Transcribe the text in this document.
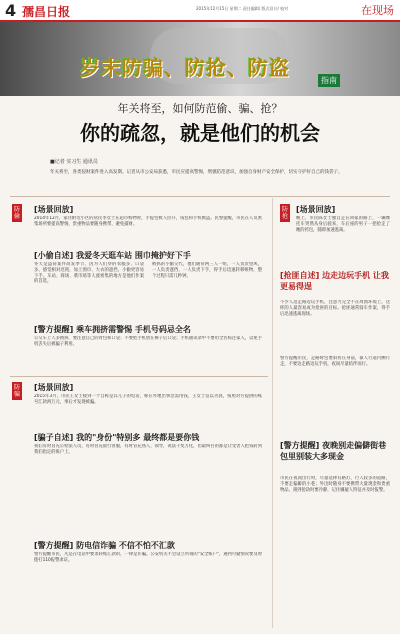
4 孺昌日报	2015年12月15日 星期二 责任编辑/ 版式设计/ 校对	在现场
岁末防骗、防抢、防盗
指南
年关将至，如何防范偷、骗、抢？
你的疏忽，就是他们的机会
■记者 实习生 通讯员
年关将至，各类侵财案件进入高发期。记者从市公安局获悉，市民应提高警惕，增强防范意识，加强自身财产安全保护，切实守护好自己的钱袋子。
防偷
[场景回放]
2014年12月，家住附近小区的居民李女士在超市购物时，手提包被人拉开，钱包和手机被盗。民警提醒，市民在人员密集场所要提高警惕，贵重物品要随身携带，避免露财。
[小偷自述] 我爱冬天逛车站 围巾掩护好下手
冬天是盗窃案件高发季节，因为人们穿的衣服多，口袋多，感觉相对迟钝，加上围巾、大衣的遮挡，小偷更容易下手。车站、商场、菜市场等人流密集的地方是他们作案的首选。
被抓的小偷交代，他们通常两三人一组，一人负责望风，一人负责遮挡，一人负责下手，得手后迅速转移赃物，整个过程只需几秒钟。
[警方提醒] 乘车拥挤需警惕 手机号码忌全名
公交车上人多拥挤，要注意自己的背包和口袋；不要把手机放在裤子后口袋；手机通讯录中不要用全名标注家人，以免手机丢失后被骗子利用。
防骗
[场景回放]
2015年3月，市民王女士接到一个自称是其儿子的电话，称在外地出事急需用钱，王女士信以为真，按照对方提供的账号汇款两万元，事后才发现被骗。
[骗子自述] 我的"身份"特别多 最终都是要你钱
我们有时冒充公检法人员，有时冒充银行客服，有时冒充熟人、领导，说法千变万化，但最终目的都是让受害人把钱转到我们指定的账户上。
[警方提醒] 防电信诈骗 不信不怕不汇款
警方提醒市民，凡是在电话中要求转账汇款的，一律是诈骗。公安机关不会设立所谓的"安全账户"，遇到可疑情况要及时拨打110报警求证。
防抢
[场景回放]
晚上，市民陈女士独自走在回家的路上，一辆摩托车突然从身后驶来，车后座的男子一把抢走了她的挎包，随即加速逃离。
[抢匪自述] 边走边玩手机 让我更易得逞
不少人边走路边玩手机，注意力完全不在周围环境上，这样的人最容易成为抢匪的目标。抢匪通常骑车作案，得手后迅速逃离现场。
警方提醒市民，走路时包要斜挎在身前，靠人行道内侧行走，不要边走路边玩手机，夜间尽量结伴而行。
[警方提醒] 夜晚别走偏僻街巷 包里别装大多现金
市民在夜间出行时，尽量选择有路灯、行人较多的道路，不要走偏僻的小巷；外出时随身不要携带大量现金和贵重物品，遇到抢劫时要冷静，记住嫌疑人特征并及时报警。
